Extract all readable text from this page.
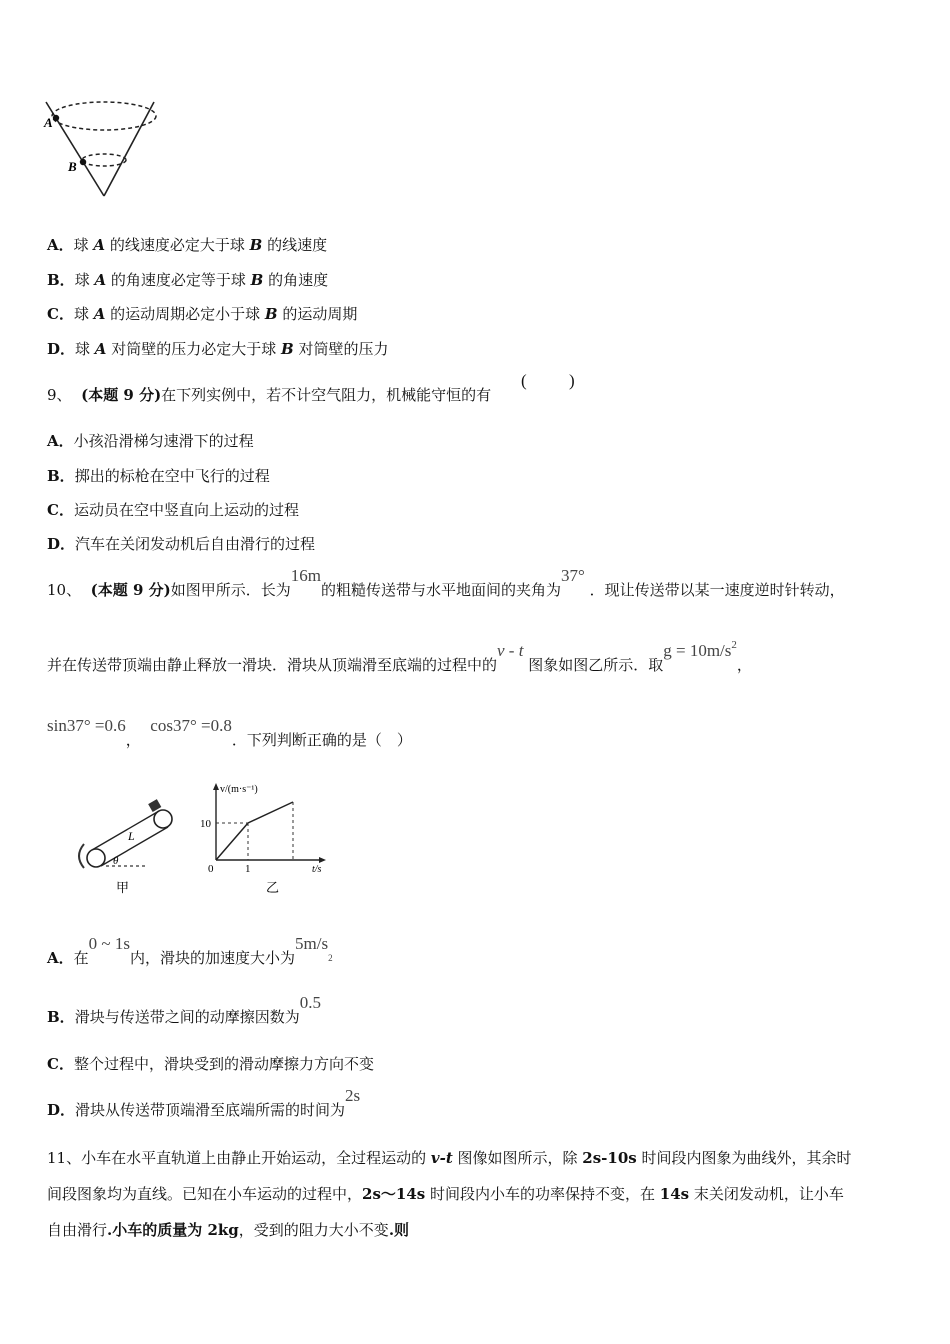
A
B
A．球 A 的线速度必定大于球 B 的线速度
B．球 A 的角速度必定等于球 B 的角速度
C．球 A 的运动周期必定小于球 B 的运动周期
D．球 A 对筒壁的压力必定大于球 B 对筒壁的压力
9、 (本题 9 分)在下列实例中，若不计空气阻力，机械能守恒的有
( )
A．小孩沿滑梯匀速滑下的过程
B．掷出的标枪在空中飞行的过程
C．运动员在空中竖直向上运动的过程
D．汽车在关闭发动机后自由滑行的过程
10、 (本题 9 分)如图甲所示．长为16m的粗糙传送带与水平地面间的夹角为37° ．现让传送带以某一速度逆时针转动，
并在传送带顶端由静止释放一滑块．滑块从顶端滑至底端的过程中的v - t 图象如图乙所示．取$g = 10m/s^2$，
sin37° =0.6，  cos37° =0.8．下列判断正确的是（　）
L
θ
甲
v/(m·s⁻¹)
t/s
10
1
0
乙
A．在0 ~ 1s内，滑块的加速度大小为5m/s2
B．滑块与传送带之间的动摩擦因数为0.5
C．整个过程中，滑块受到的滑动摩擦力方向不变
D．滑块从传送带顶端滑至底端所需的时间为2s
11、小车在水平直轨道上由静止开始运动，全过程运动的 v-t 图像如图所示，除 2s-10s 时间段内图象为曲线外，其余时
间段图象均为直线。已知在小车运动的过程中，2s～14s 时间段内小车的功率保持不变，在 14s 末关闭发动机，让小车
自由滑行.小车的质量为 2kg，受到的阻力大小不变.则
